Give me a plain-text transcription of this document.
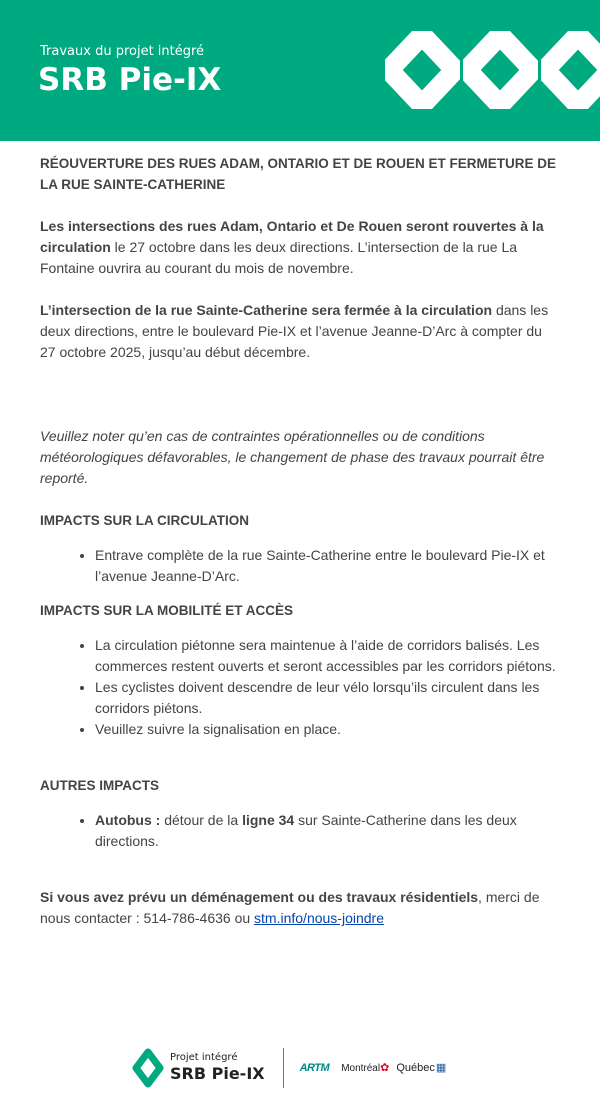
Travaux du projet intégré
SRB Pie-IX
RÉOUVERTURE DES RUES ADAM, ONTARIO ET DE ROUEN ET FERMETURE DE LA RUE SAINTE-CATHERINE

Les intersections des rues Adam, Ontario et De Rouen seront rouvertes à la circulation le 27 octobre dans les deux directions. L’intersection de la rue La Fontaine ouvrira au courant du mois de novembre.

L’intersection de la rue Sainte-Catherine sera fermée à la circulation dans les deux directions, entre le boulevard Pie-IX et l’avenue Jeanne-D’Arc à compter du 27 octobre 2025, jusqu’au début décembre.

Veuillez noter qu’en cas de contraintes opérationnelles ou de conditions météorologiques défavorables, le changement de phase des travaux pourrait être reporté.

IMPACTS SUR LA CIRCULATION
• Entrave complète de la rue Sainte-Catherine entre le boulevard Pie-IX et l’avenue Jeanne-D’Arc.
IMPACTS SUR LA MOBILITÉ ET ACCÈS
• La circulation piétonne sera maintenue à l’aide de corridors balisés. Les commerces restent ouverts et seront accessibles par les corridors piétons.
• Les cyclistes doivent descendre de leur vélo lorsqu’ils circulent dans les corridors piétons.
• Veuillez suivre la signalisation en place.
AUTRES IMPACTS
• Autobus : détour de la ligne 34 sur Sainte-Catherine dans les deux directions.

Si vous avez prévu un déménagement ou des travaux résidentiels, merci de nous contacter : 514-786-4636 ou stm.info/nous-joindre

Projet intégré
SRB Pie-IX	ARTM Montréal ✿ Québec ▦
